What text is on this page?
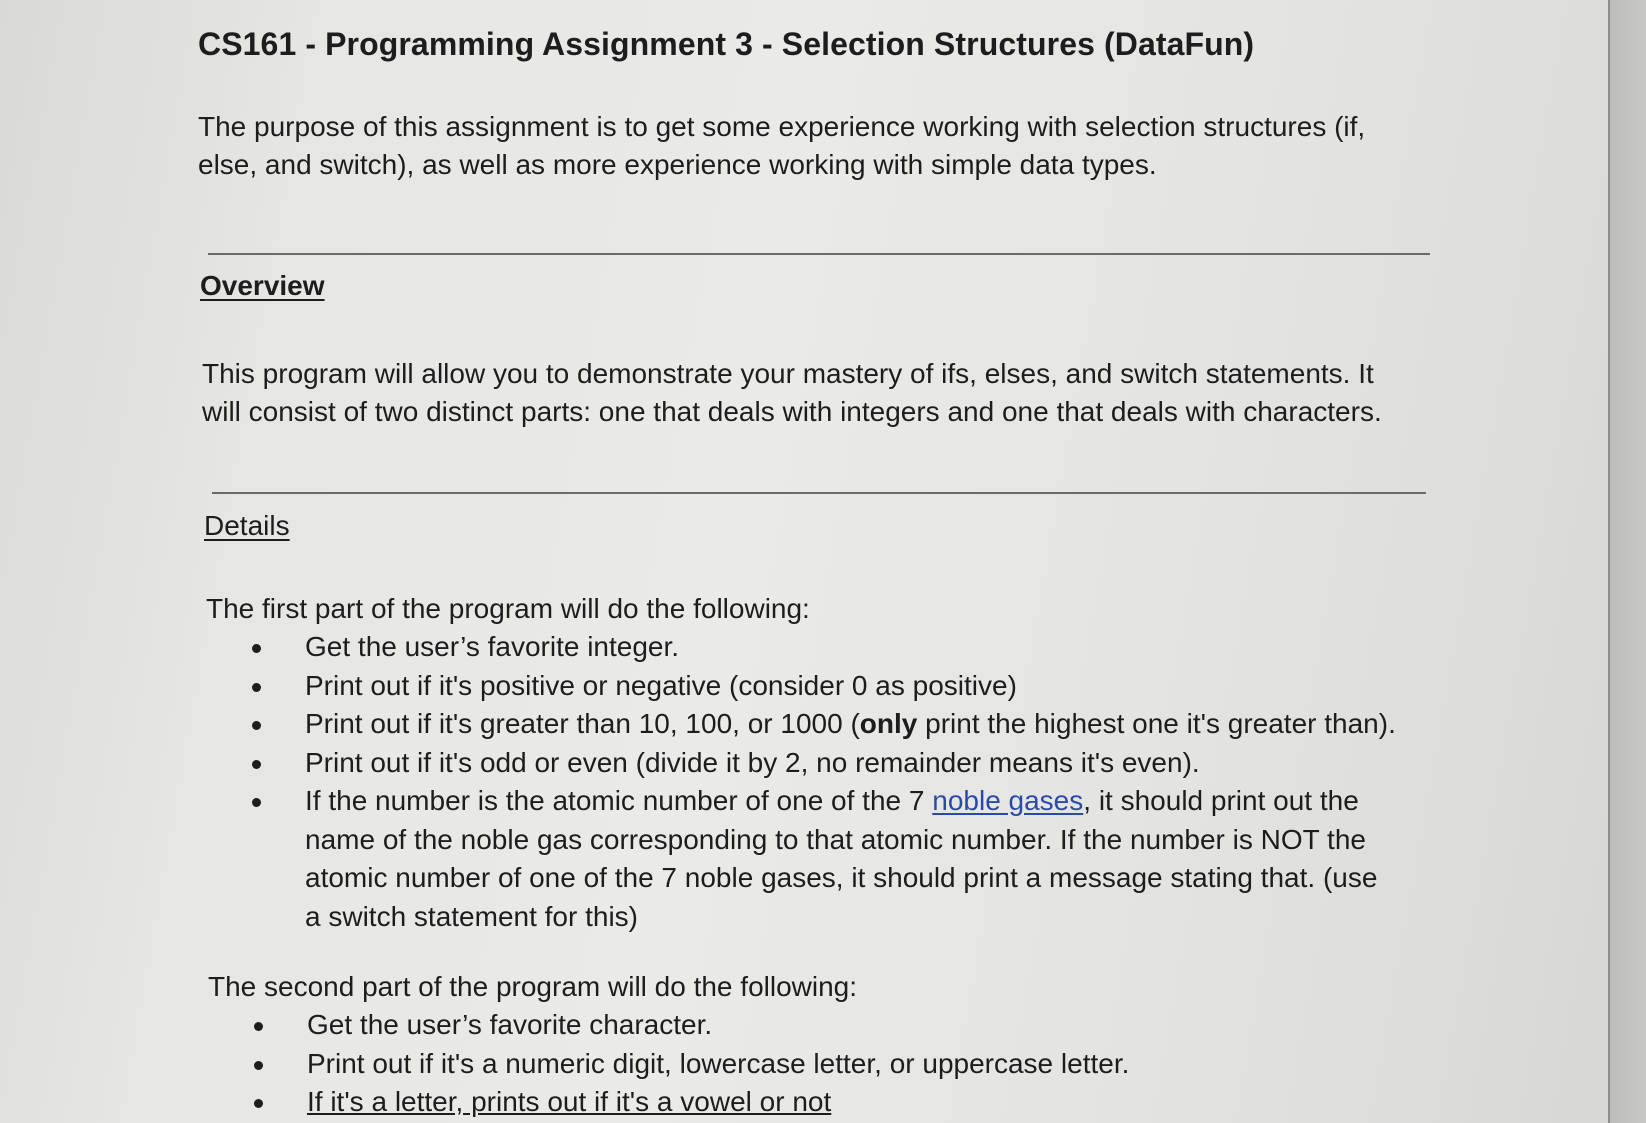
CS161 - Programming Assignment 3 - Selection Structures (DataFun)
The purpose of this assignment is to get some experience working with selection structures (if,
else, and switch), as well as more experience working with simple data types.
Overview
This program will allow you to demonstrate your mastery of ifs, elses, and switch statements. It
will consist of two distinct parts: one that deals with integers and one that deals with characters.
Details
The first part of the program will do the following:
Get the user’s favorite integer.
Print out if it's positive or negative (consider 0 as positive)
Print out if it's greater than 10, 100, or 1000 (only print the highest one it's greater than).
Print out if it's odd or even (divide it by 2, no remainder means it's even).
If the number is the atomic number of one of the 7 noble gases, it should print out the
name of the noble gas corresponding to that atomic number. If the number is NOT the
atomic number of one of the 7 noble gases, it should print a message stating that. (use
a switch statement for this)
The second part of the program will do the following:
Get the user’s favorite character.
Print out if it's a numeric digit, lowercase letter, or uppercase letter.
If it's a letter, prints out if it's a vowel or not
